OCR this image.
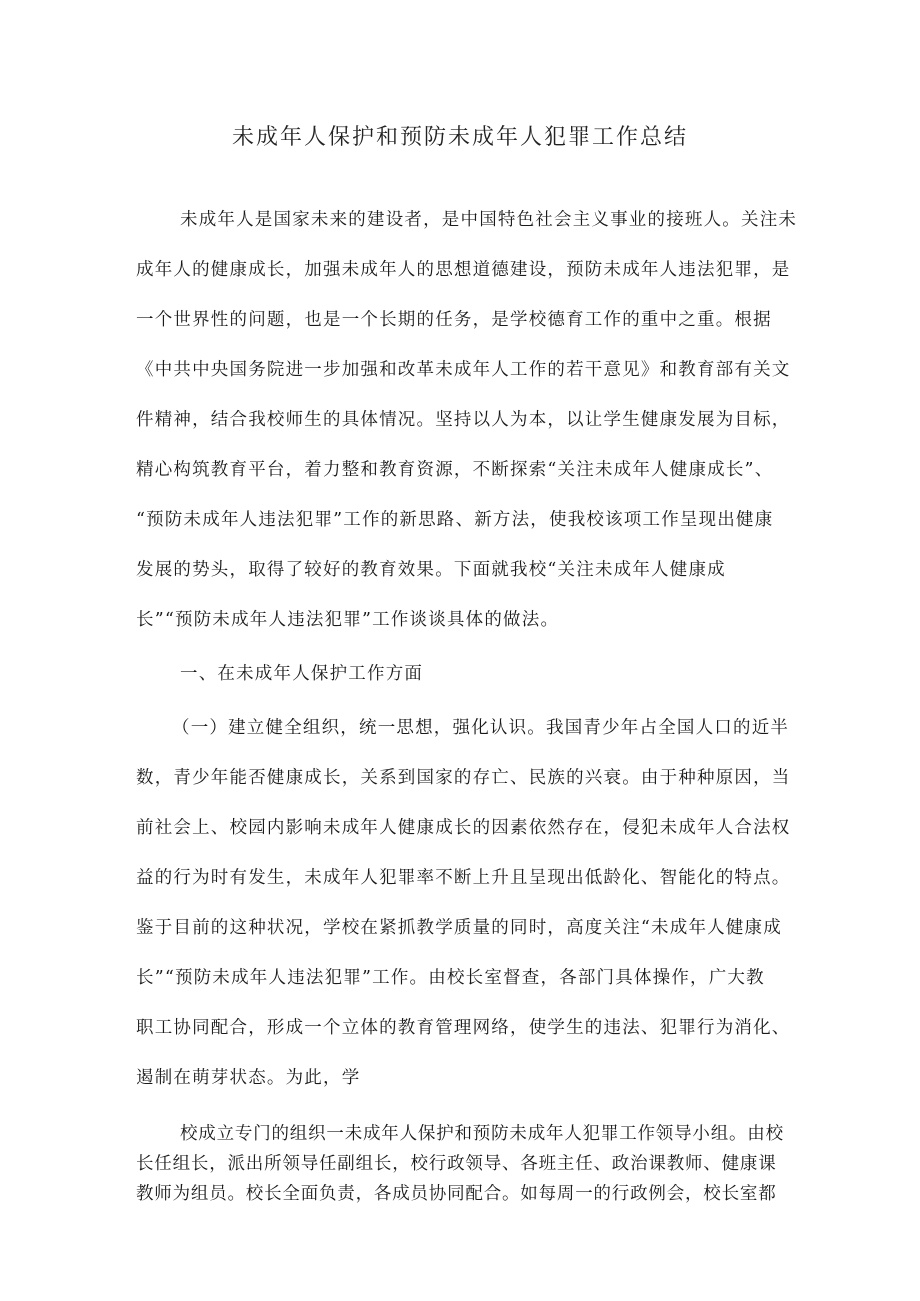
未成年人保护和预防未成年人犯罪工作总结
未成年人是国家未来的建设者，是中国特色社会主义事业的接班人。关注未
成年人的健康成长，加强未成年人的思想道德建设，预防未成年人违法犯罪，是
一个世界性的问题，也是一个长期的任务，是学校德育工作的重中之重。根据
《中共中央国务院进一步加强和改革未成年人工作的若干意见》和教育部有关文
件精神，结合我校师生的具体情况。坚持以人为本，以让学生健康发展为目标，
精心构筑教育平台，着力整和教育资源，不断探索“关注未成年人健康成长”、
“预防未成年人违法犯罪”工作的新思路、新方法，使我校该项工作呈现出健康
发展的势头，取得了较好的教育效果。下面就我校“关注未成年人健康成
长”“预防未成年人违法犯罪”工作谈谈具体的做法。
一、在未成年人保护工作方面
（一）建立健全组织，统一思想，强化认识。我国青少年占全国人口的近半
数，青少年能否健康成长，关系到国家的存亡、民族的兴衰。由于种种原因，当
前社会上、校园内影响未成年人健康成长的因素依然存在，侵犯未成年人合法权
益的行为时有发生，未成年人犯罪率不断上升且呈现出低龄化、智能化的特点。
鉴于目前的这种状况，学校在紧抓教学质量的同时，高度关注“未成年人健康成
长”“预防未成年人违法犯罪”工作。由校长室督查，各部门具体操作，广大教
职工协同配合，形成一个立体的教育管理网络，使学生的违法、犯罪行为消化、
遏制在萌芽状态。为此，学
校成立专门的组织一未成年人保护和预防未成年人犯罪工作领导小组。由校
长任组长，派出所领导任副组长，校行政领导、各班主任、政治课教师、健康课
教师为组员。校长全面负责，各成员协同配合。如每周一的行政例会，校长室都
